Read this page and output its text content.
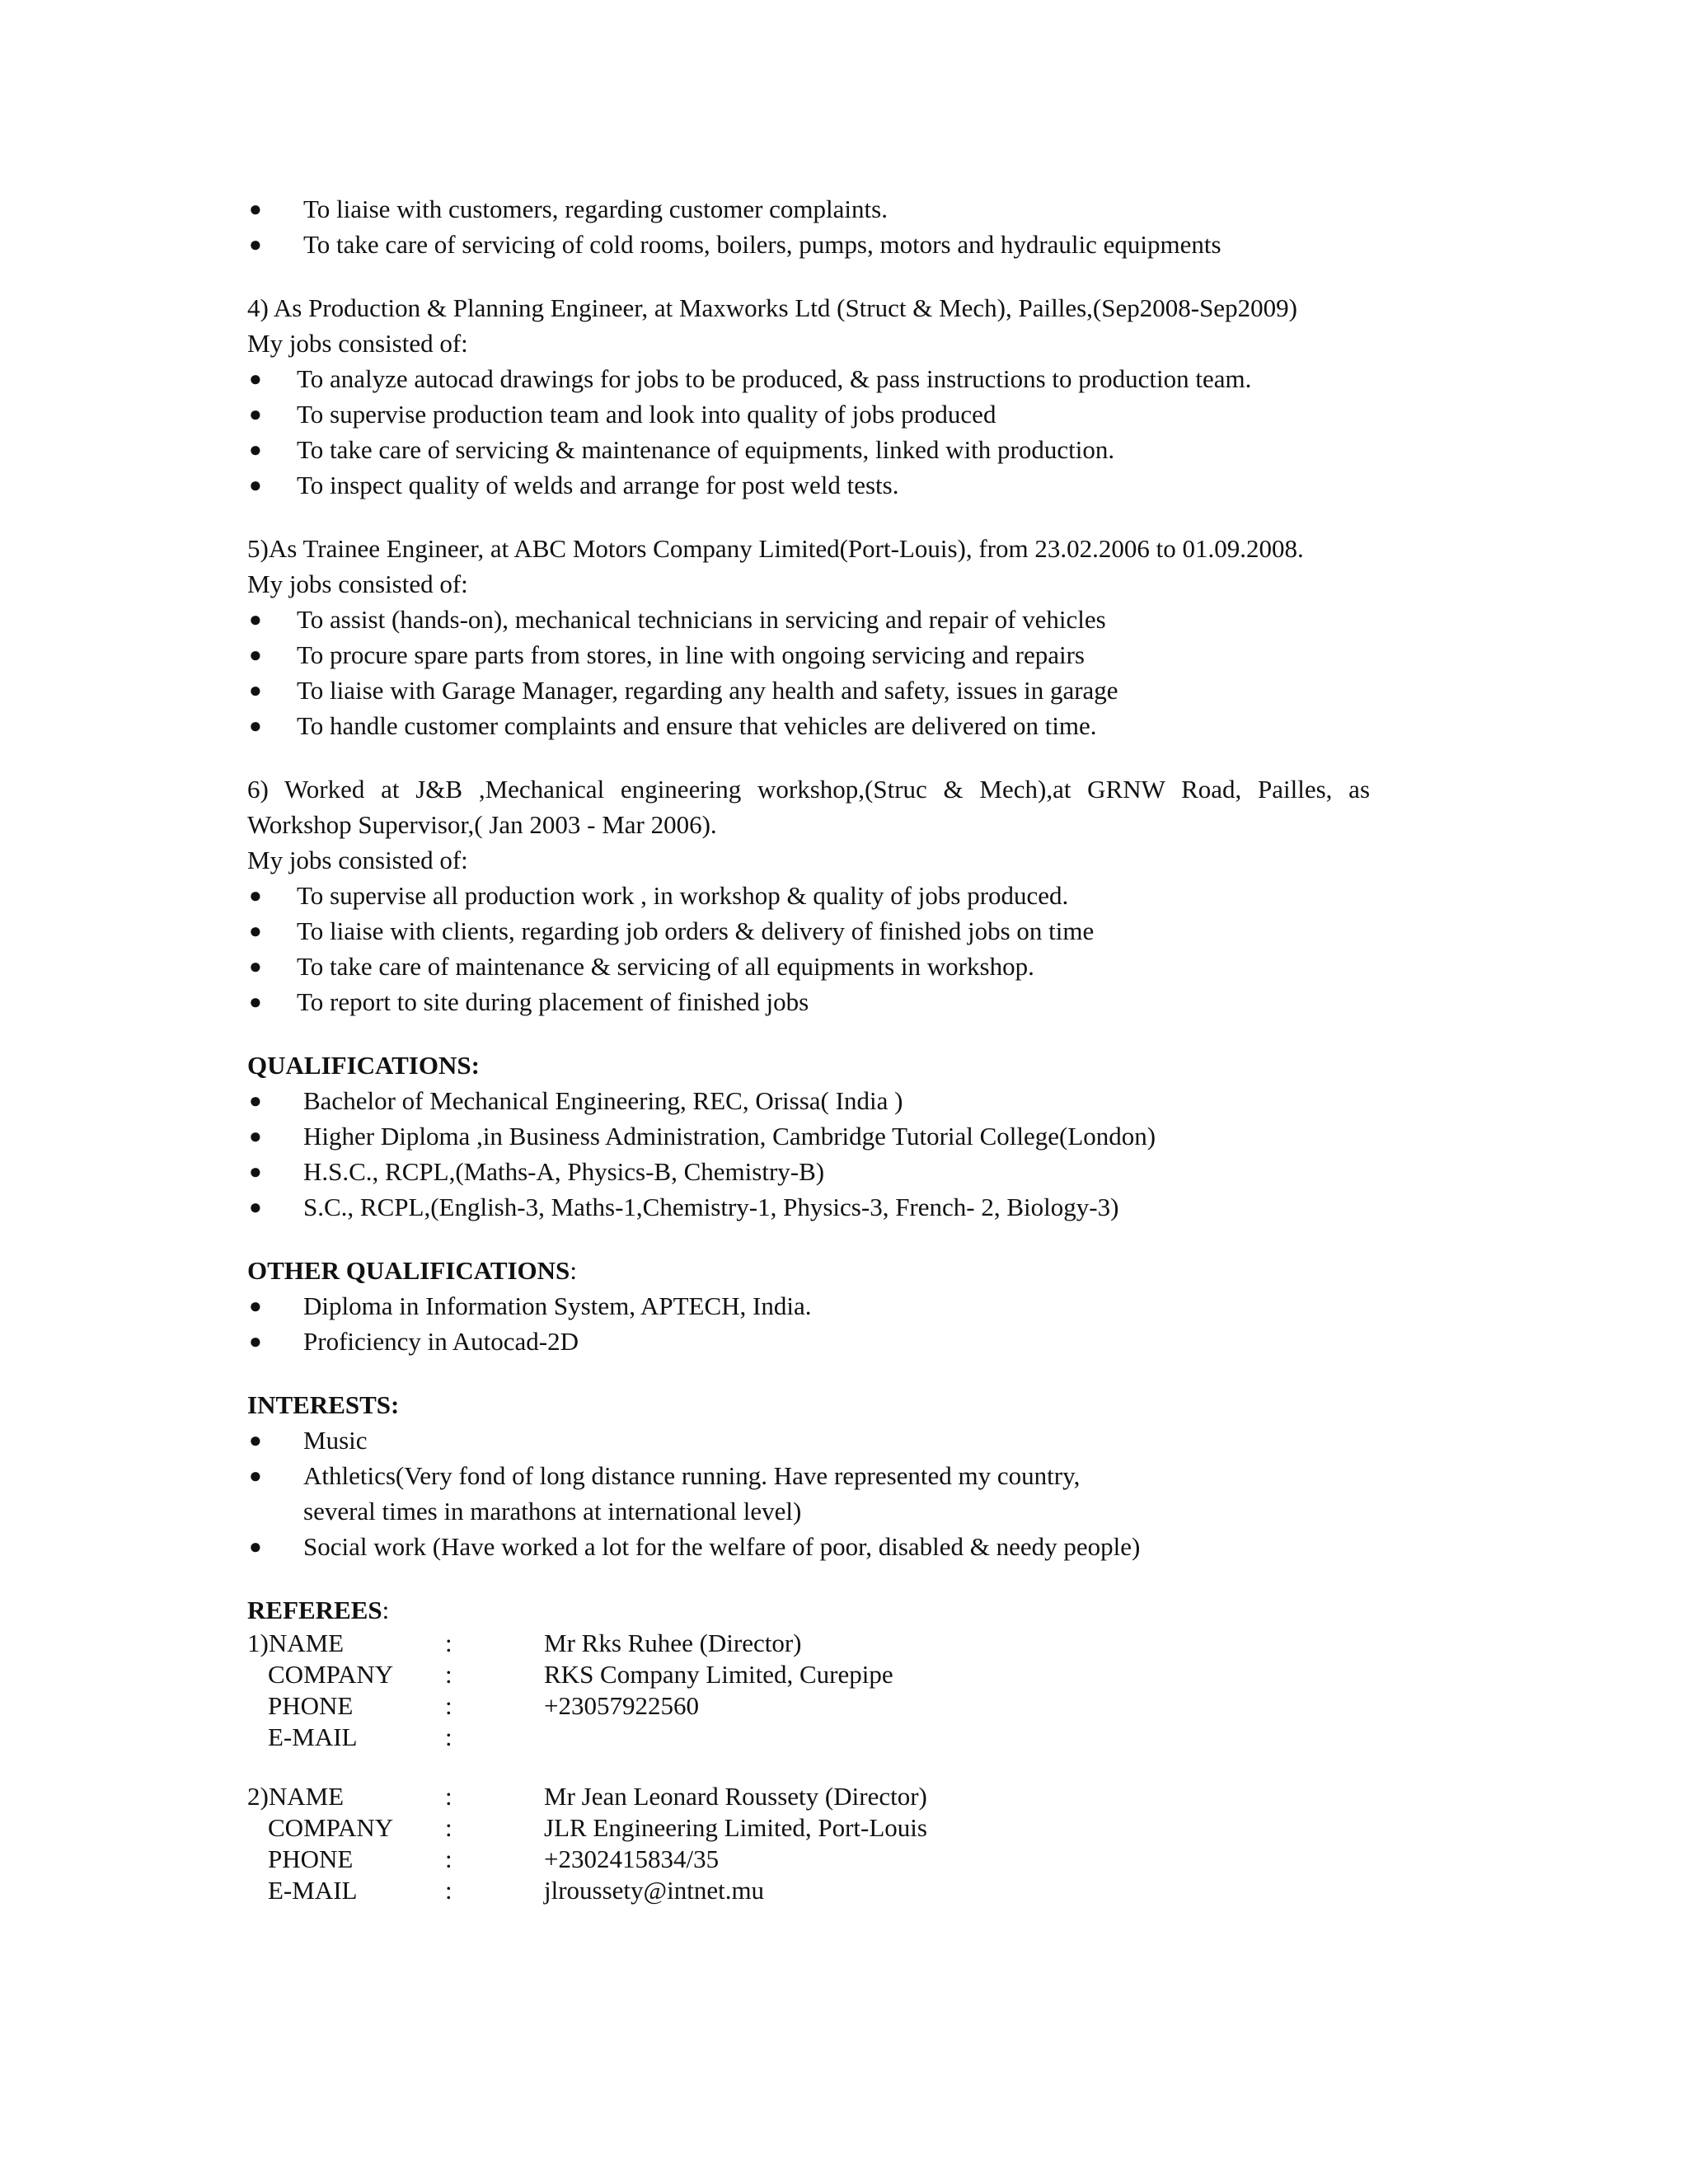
● To liaise with customers, regarding customer complaints.
● To take care of servicing of cold rooms, boilers, pumps, motors and hydraulic equipments

4) As Production & Planning Engineer, at Maxworks Ltd (Struct & Mech), Pailles,(Sep2008-Sep2009)

My jobs consisted of:

● To analyze autocad drawings for jobs to be produced, & pass instructions to production team.
● To supervise production team and look into quality of jobs produced
● To take care of servicing & maintenance of equipments, linked with production.
● To inspect quality of welds and arrange for post weld tests.

5)As Trainee Engineer, at ABC Motors Company Limited(Port-Louis), from 23.02.2006 to 01.09.2008.

My jobs consisted of:

● To assist (hands-on), mechanical technicians in servicing and repair of vehicles
● To procure spare parts from stores, in line with ongoing servicing and repairs
● To liaise with Garage Manager, regarding any health and safety, issues in garage
● To handle customer complaints and ensure that vehicles are delivered on time.

6) Worked at J&B ,Mechanical engineering workshop,(Struc & Mech),at GRNW Road, Pailles, as

Workshop Supervisor,( Jan 2003 - Mar 2006).

My jobs consisted of:

● To supervise all production work , in workshop & quality of jobs produced.
● To liaise with clients, regarding job orders & delivery of finished jobs on time
● To take care of maintenance & servicing of all equipments in workshop.
● To report to site during placement of finished jobs

QUALIFICATIONS:

● Bachelor of Mechanical Engineering, REC, Orissa( India )
● Higher Diploma ,in Business Administration, Cambridge Tutorial College(London)
● H.S.C., RCPL,(Maths-A, Physics-B, Chemistry-B)
● S.C., RCPL,(English-3, Maths-1,Chemistry-1, Physics-3, French- 2, Biology-3)

OTHER QUALIFICATIONS:

● Diploma in Information System, APTECH, India.
● Proficiency in Autocad-2D

INTERESTS:

● Music
● Athletics(Very fond of long distance running. Have represented my country,
several times in marathons at international level)
● Social work (Have worked a lot for the welfare of poor, disabled & needy people)

REFEREES:

1)NAME	:	Mr Rks Ruhee (Director)
COMPANY	:	RKS Company Limited, Curepipe
PHONE	:	+23057922560
E-MAIL	:
2)NAME	:	Mr Jean Leonard Roussety (Director)
COMPANY	:	JLR Engineering Limited, Port-Louis
PHONE	:	+2302415834/35
E-MAIL	:	jlroussety@intnet.mu
